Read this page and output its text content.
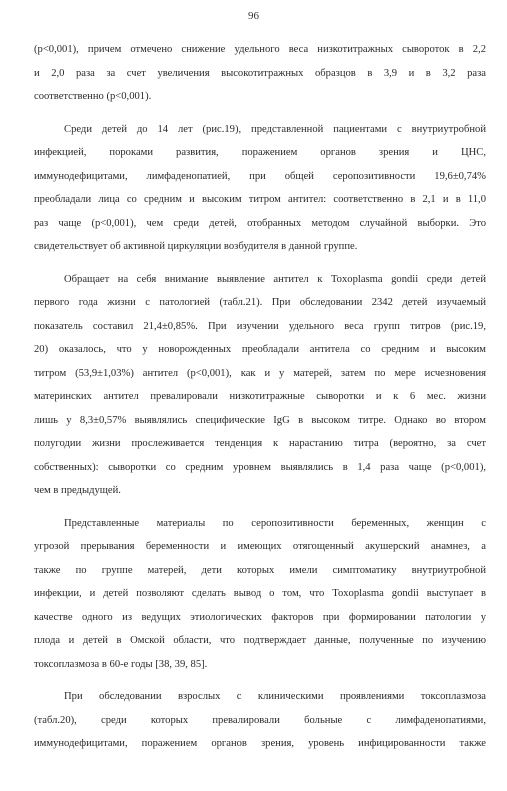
96
(р<0,001), причем отмечено снижение удельного веса низкотитражных сывороток в 2,2
и 2,0 раза за счет увеличения высокотитражных образцов в 3,9 и в 3,2 раза
соответственно (р<0,001).
Среди детей до 14 лет (рис.19), представленной пациентами с внутриутробной
инфекцией, пороками развития, поражением органов зрения и ЦНС,
иммунодефицитами, лимфаденопатией, при общей серопозитивности 19,6±0,74%
преобладали лица со средним и высоким титром антител: соответственно в 2,1 и в 11,0
раз чаще (р<0,001), чем среди детей, отобранных методом случайной выборки. Это
свидетельствует об активной циркуляции возбудителя в данной группе.
Обращает на себя внимание выявление антител к Toxoplasma gondii среди детей
первого года жизни с патологией (табл.21). При обследовании 2342 детей изучаемый
показатель составил 21,4±0,85%. При изучении удельного веса групп титров (рис.19,
20) оказалось, что у новорожденных преобладали антитела со средним и высоким
титром (53,9±1,03%) антител (р<0,001), как и у матерей, затем по мере исчезновения
материнских антител превалировали низкотитражные сыворотки и к 6 мес. жизни
лишь у 8,3±0,57% выявлялись специфические IgG в высоком титре. Однако во втором
полугодии жизни прослеживается тенденция к нарастанию титра (вероятно, за счет
собственных): сыворотки со средним уровнем выявлялись в 1,4 раза чаще (р<0,001),
чем в предыдущей.
Представленные материалы по серопозитивности беременных, женщин с
угрозой прерывания беременности и имеющих отягощенный акушерский анамнез, а
также по группе матерей, дети которых имели симптоматику внутриутробной
инфекции, и детей позволяют сделать вывод о том, что Toxoplasma gondii выступает в
качестве одного из ведущих этиологических факторов при формировании патологии у
плода и детей в Омской области, что подтверждает данные, полученные по изучению
токсоплазмоза в 60-е годы [38, 39, 85].
При обследовании взрослых с клиническими проявлениями токсоплазмоза
(табл.20), среди которых превалировали больные с лимфаденопатиями,
иммунодефицитами, поражением органов зрения, уровень инфицированности также
